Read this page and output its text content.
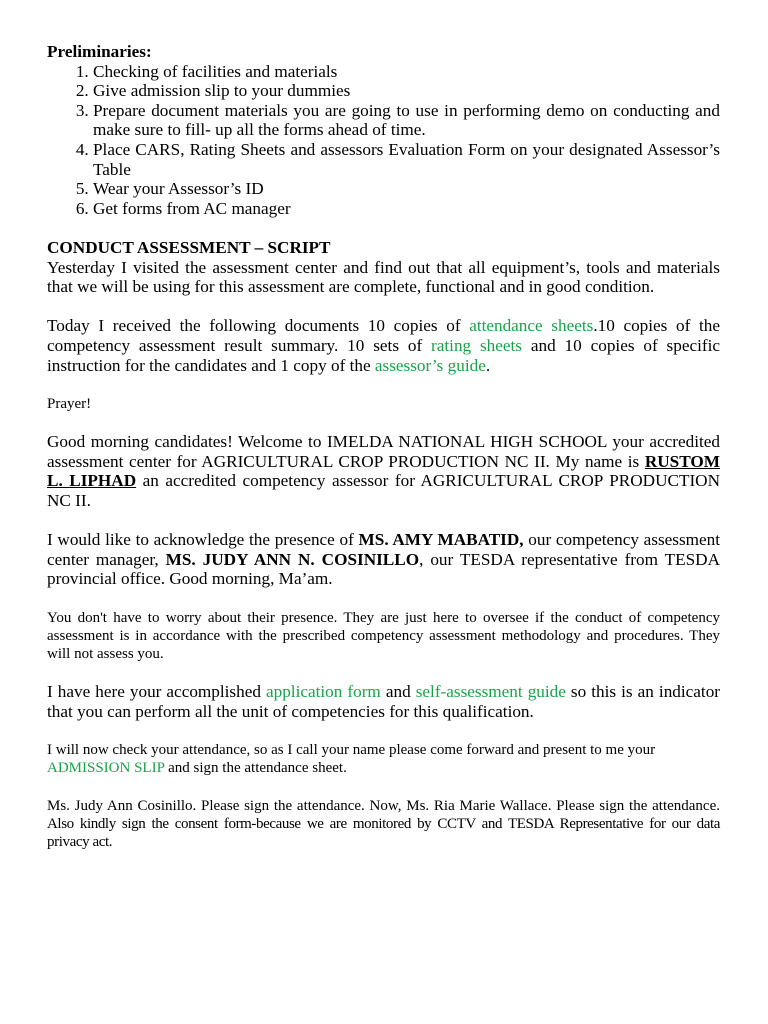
Preliminaries:

1. Checking of facilities and materials
2. Give admission slip to your dummies
3. Prepare document materials you are going to use in performing demo on conducting and make sure to fill- up all the forms ahead of time.
4. Place CARS, Rating Sheets and assessors Evaluation Form on your designated Assessor’s Table
5. Wear your Assessor’s ID
6. Get forms from AC manager

CONDUCT ASSESSMENT – SCRIPT

Yesterday I visited the assessment center and find out that all equipment’s, tools and materials that we will be using for this assessment are complete, functional and in good condition.

Today I received the following documents 10 copies of attendance sheets.10 copies of the competency assessment result summary. 10 sets of rating sheets and 10 copies of specific instruction for the candidates and 1 copy of the assessor’s guide.

Prayer!

Good morning candidates! Welcome to IMELDA NATIONAL HIGH SCHOOL your accredited assessment center for AGRICULTURAL CROP PRODUCTION NC II. My name is RUSTOM L. LIPHAD an accredited competency assessor for AGRICULTURAL CROP PRODUCTION NC II.

I would like to acknowledge the presence of MS. AMY MABATID, our competency assessment center manager, MS. JUDY ANN N. COSINILLO, our TESDA representative from TESDA provincial office. Good morning, Ma’am.

You don't have to worry about their presence. They are just here to oversee if the conduct of competency assessment is in accordance with the prescribed competency assessment methodology and procedures. They will not assess you.

I have here your accomplished application form and self-assessment guide so this is an indicator that you can perform all the unit of competencies for this qualification.

I will now check your attendance, so as I call your name please come forward and present to me your ADMISSION SLIP and sign the attendance sheet.

Ms. Judy Ann Cosinillo. Please sign the attendance. Now, Ms. Ria Marie Wallace. Please sign the attendance. Also kindly sign the consent form-because we are monitored by CCTV and TESDA Representative for our data privacy act.
